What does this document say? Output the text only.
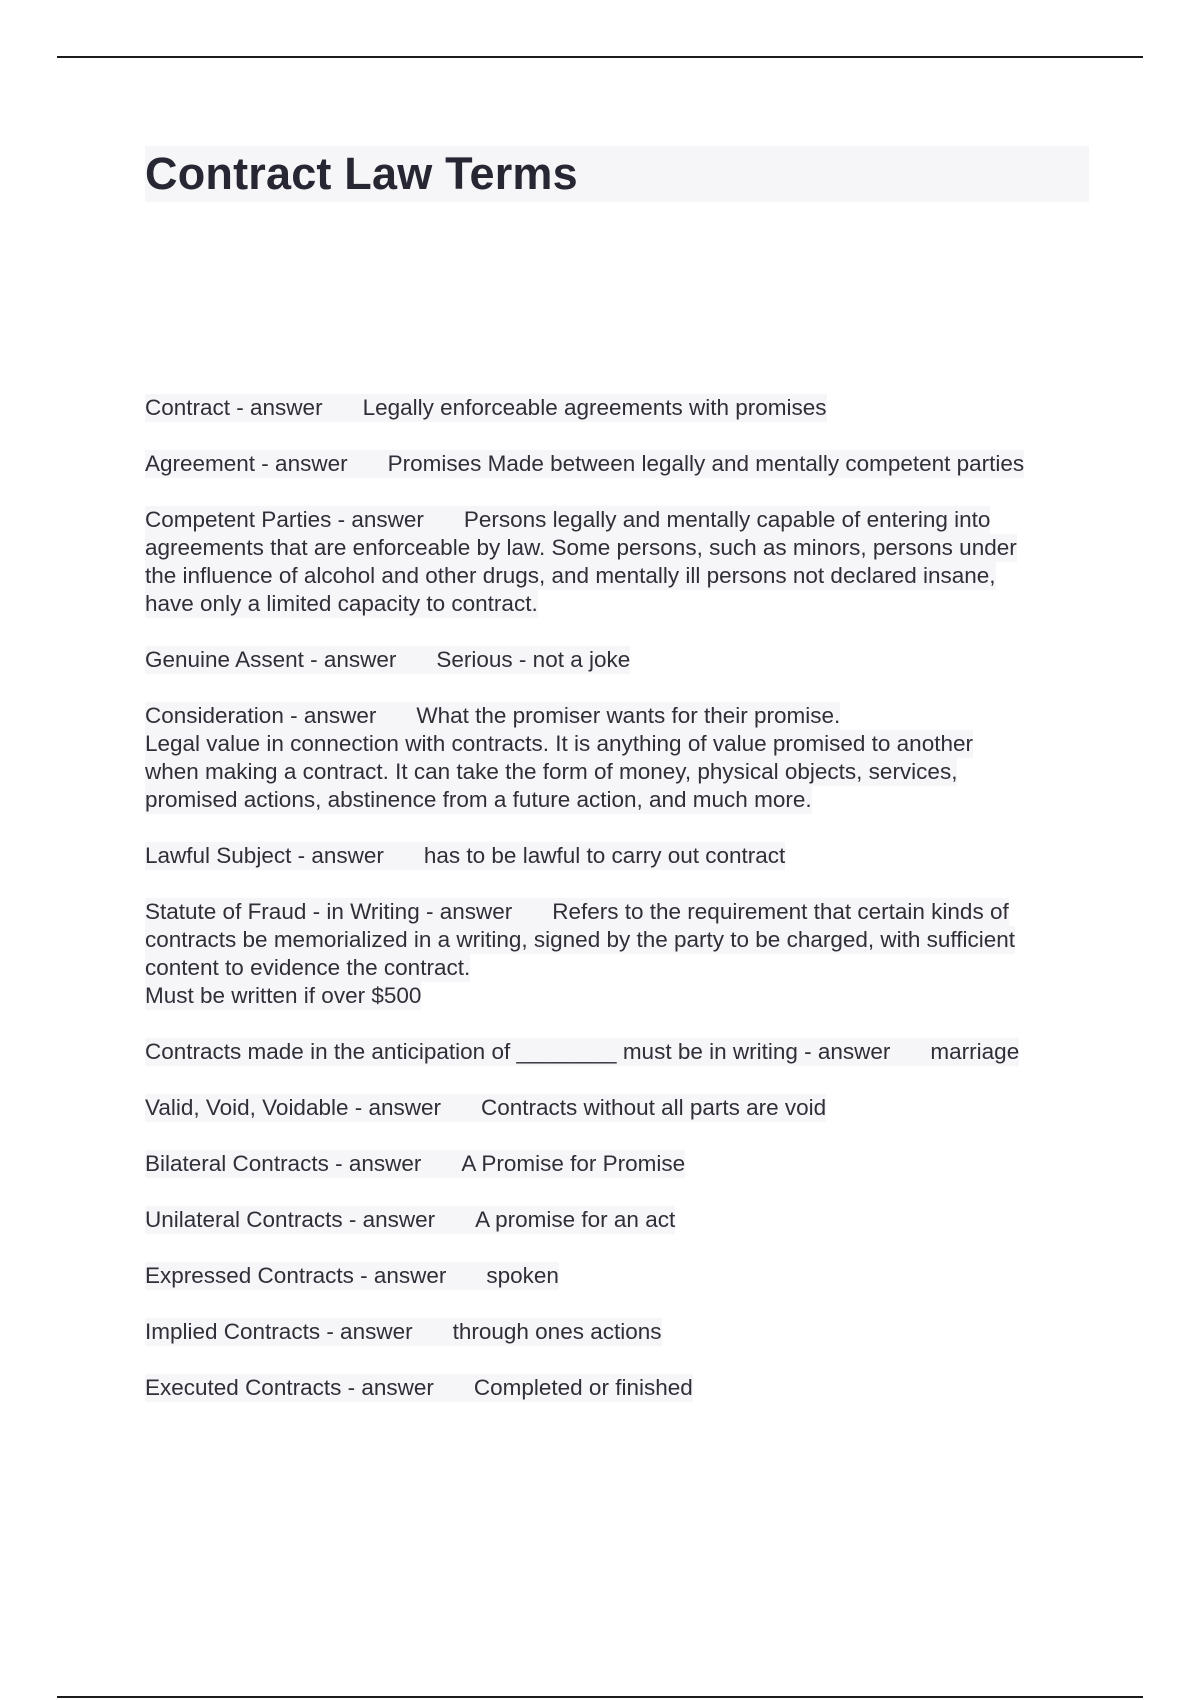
Contract Law Terms
Contract - answer Legally enforceable agreements with promises
Agreement - answer Promises Made between legally and mentally competent parties
Competent Parties - answer Persons legally and mentally capable of entering into
agreements that are enforceable by law. Some persons, such as minors, persons under
the influence of alcohol and other drugs, and mentally ill persons not declared insane,
have only a limited capacity to contract.
Genuine Assent - answer Serious - not a joke
Consideration - answer What the promiser wants for their promise.
Legal value in connection with contracts. It is anything of value promised to another
when making a contract. It can take the form of money, physical objects, services,
promised actions, abstinence from a future action, and much more.
Lawful Subject - answer has to be lawful to carry out contract
Statute of Fraud - in Writing - answer Refers to the requirement that certain kinds of
contracts be memorialized in a writing, signed by the party to be charged, with sufficient
content to evidence the contract.
Must be written if over $500
Contracts made in the anticipation of ________ must be in writing - answer marriage
Valid, Void, Voidable - answer Contracts without all parts are void
Bilateral Contracts - answer A Promise for Promise
Unilateral Contracts - answer A promise for an act
Expressed Contracts - answer spoken
Implied Contracts - answer through ones actions
Executed Contracts - answer Completed or finished
